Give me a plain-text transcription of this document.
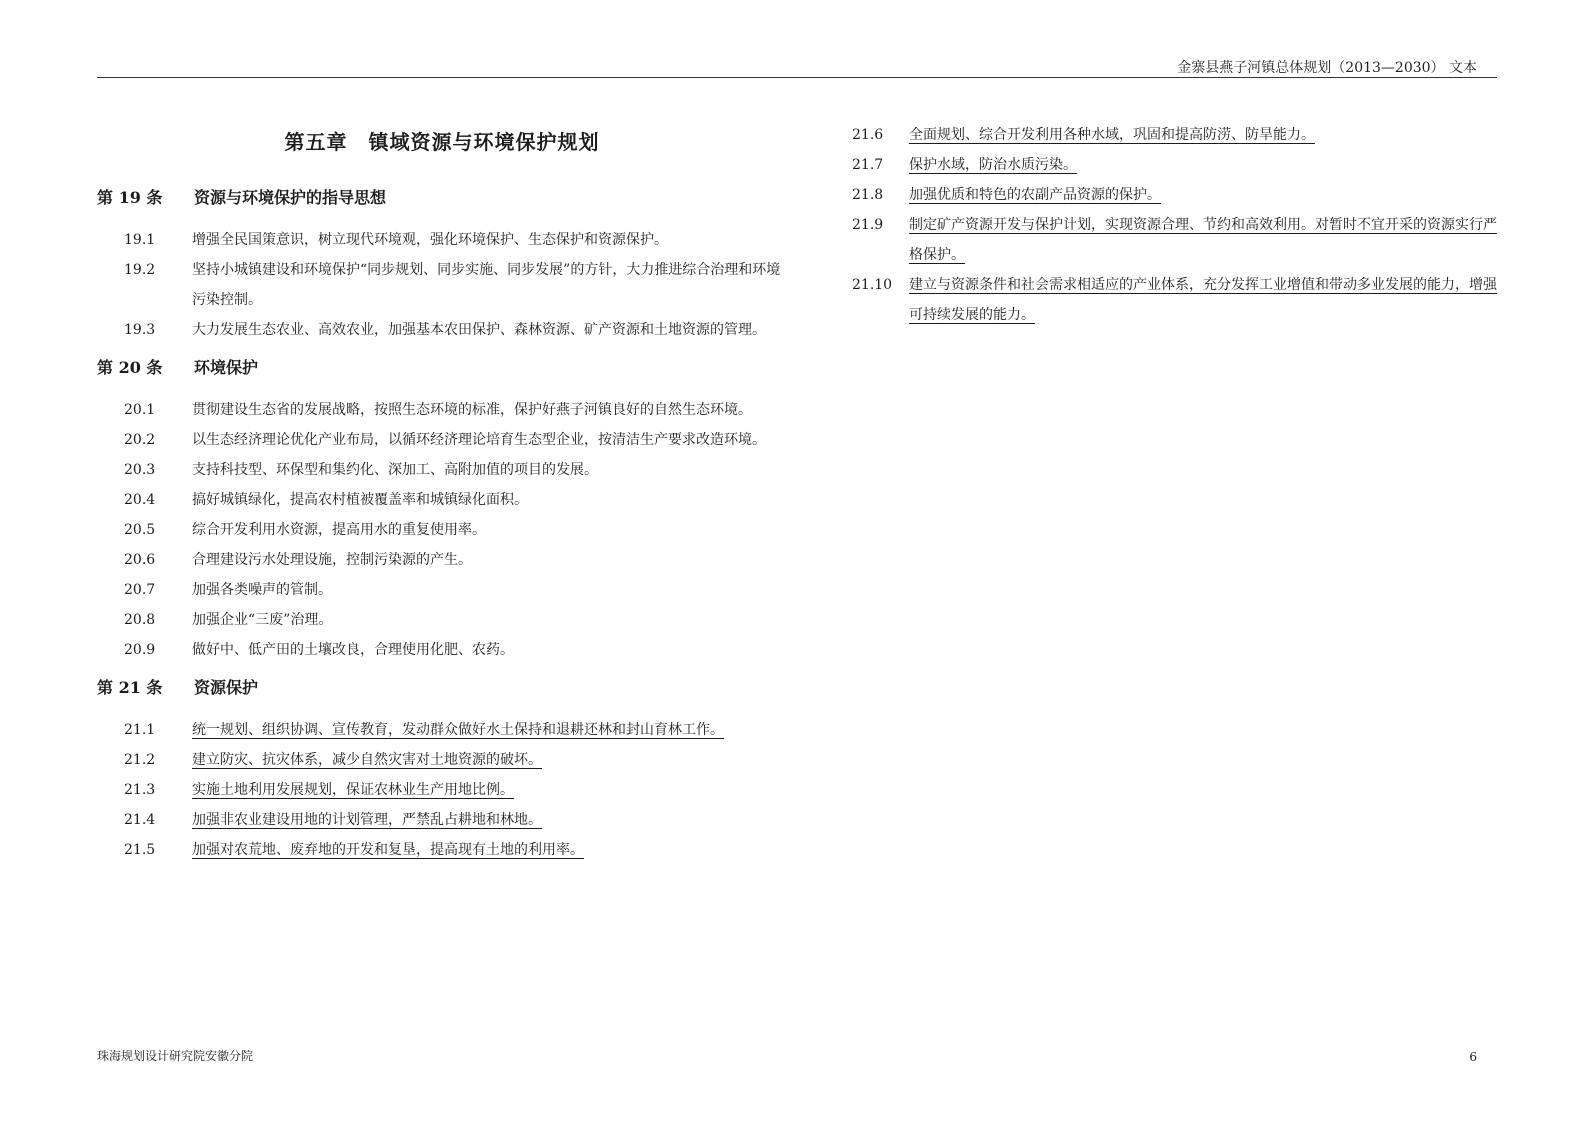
金寨县燕子河镇总体规划（2013—2030） 文本
第五章　镇域资源与环境保护规划
第 19 条	资源与环境保护的指导思想
19.1	增强全民国策意识，树立现代环境观，强化环境保护、生态保护和资源保护。
19.2	坚持小城镇建设和环境保护“同步规划、同步实施、同步发展”的方针，大力推进综合治理和环境污染控制。
19.3	大力发展生态农业、高效农业，加强基本农田保护、森林资源、矿产资源和土地资源的管理。
第 20 条	环境保护
20.1	贯彻建设生态省的发展战略，按照生态环境的标准，保护好燕子河镇良好的自然生态环境。
20.2	以生态经济理论优化产业布局，以循环经济理论培育生态型企业，按清洁生产要求改造环境。
20.3	支持科技型、环保型和集约化、深加工、高附加值的项目的发展。
20.4	搞好城镇绿化，提高农村植被覆盖率和城镇绿化面积。
20.5	综合开发利用水资源，提高用水的重复使用率。
20.6	合理建设污水处理设施，控制污染源的产生。
20.7	加强各类噪声的管制。
20.8	加强企业“三废”治理。
20.9	做好中、低产田的土壤改良，合理使用化肥、农药。
第 21 条	资源保护
21.1	统一规划、组织协调、宣传教育，发动群众做好水土保持和退耕还林和封山育林工作。
21.2	建立防灾、抗灾体系，减少自然灾害对土地资源的破坏。
21.3	实施土地利用发展规划，保证农林业生产用地比例。
21.4	加强非农业建设用地的计划管理，严禁乱占耕地和林地。
21.5	加强对农荒地、废弃地的开发和复垦，提高现有土地的利用率。
21.6	全面规划、综合开发利用各种水域，巩固和提高防涝、防旱能力。
21.7	保护水域，防治水质污染。
21.8	加强优质和特色的农副产品资源的保护。
21.9	制定矿产资源开发与保护计划，实现资源合理、节约和高效利用。对暂时不宜开采的资源实行严格保护。
21.10	建立与资源条件和社会需求相适应的产业体系，充分发挥工业增值和带动多业发展的能力，增强可持续发展的能力。
珠海规划设计研究院安徽分院	6
